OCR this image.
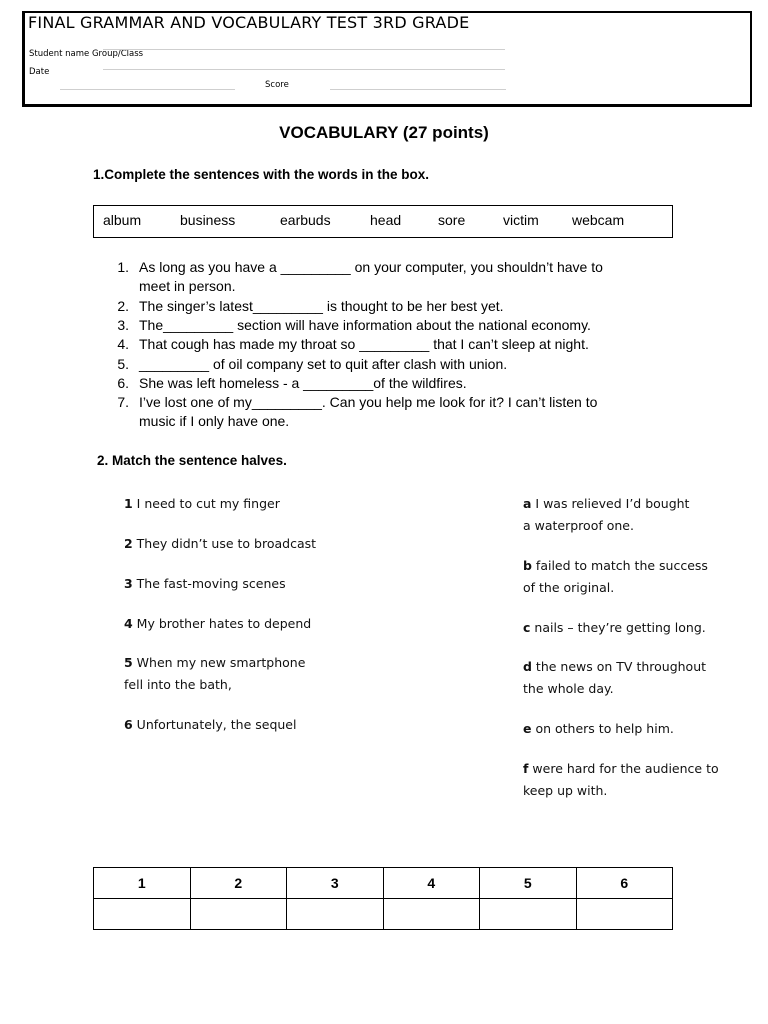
FINAL GRAMMAR AND VOCABULARY TEST 3RD GRADE
Student name Group/Class
Date
Score
VOCABULARY (27 points)
1.Complete the sentences with the words in the box.
album	business	earbuds	head	sore	victim webcam
1. As long as you have a _________ on your computer, you shouldn’t have to
meet in person.
2. The singer’s latest_________ is thought to be her best yet.
3. The_________ section will have information about the national economy.
4. That cough has made my throat so _________ that I can’t sleep at night.
5. _________ of oil company set to quit after clash with union.
6. She was left homeless - a _________of the wildfires.
7. I’ve lost one of my_________. Can you help me look for it? I can’t listen to
music if I only have one.
2. Match the sentence halves.
1 I need to cut my finger
2 They didn’t use to broadcast
3 The fast-moving scenes
4 My brother hates to depend
5 When my new smartphone
fell into the bath,
6 Unfortunately, the sequel
a I was relieved I’d bought
a waterproof one.
b failed to match the success
of the original.
c nails – they’re getting long.
d the news on TV throughout
the whole day.
e on others to help him.
f were hard for the audience to
keep up with.
1	2	3	4	5	6
